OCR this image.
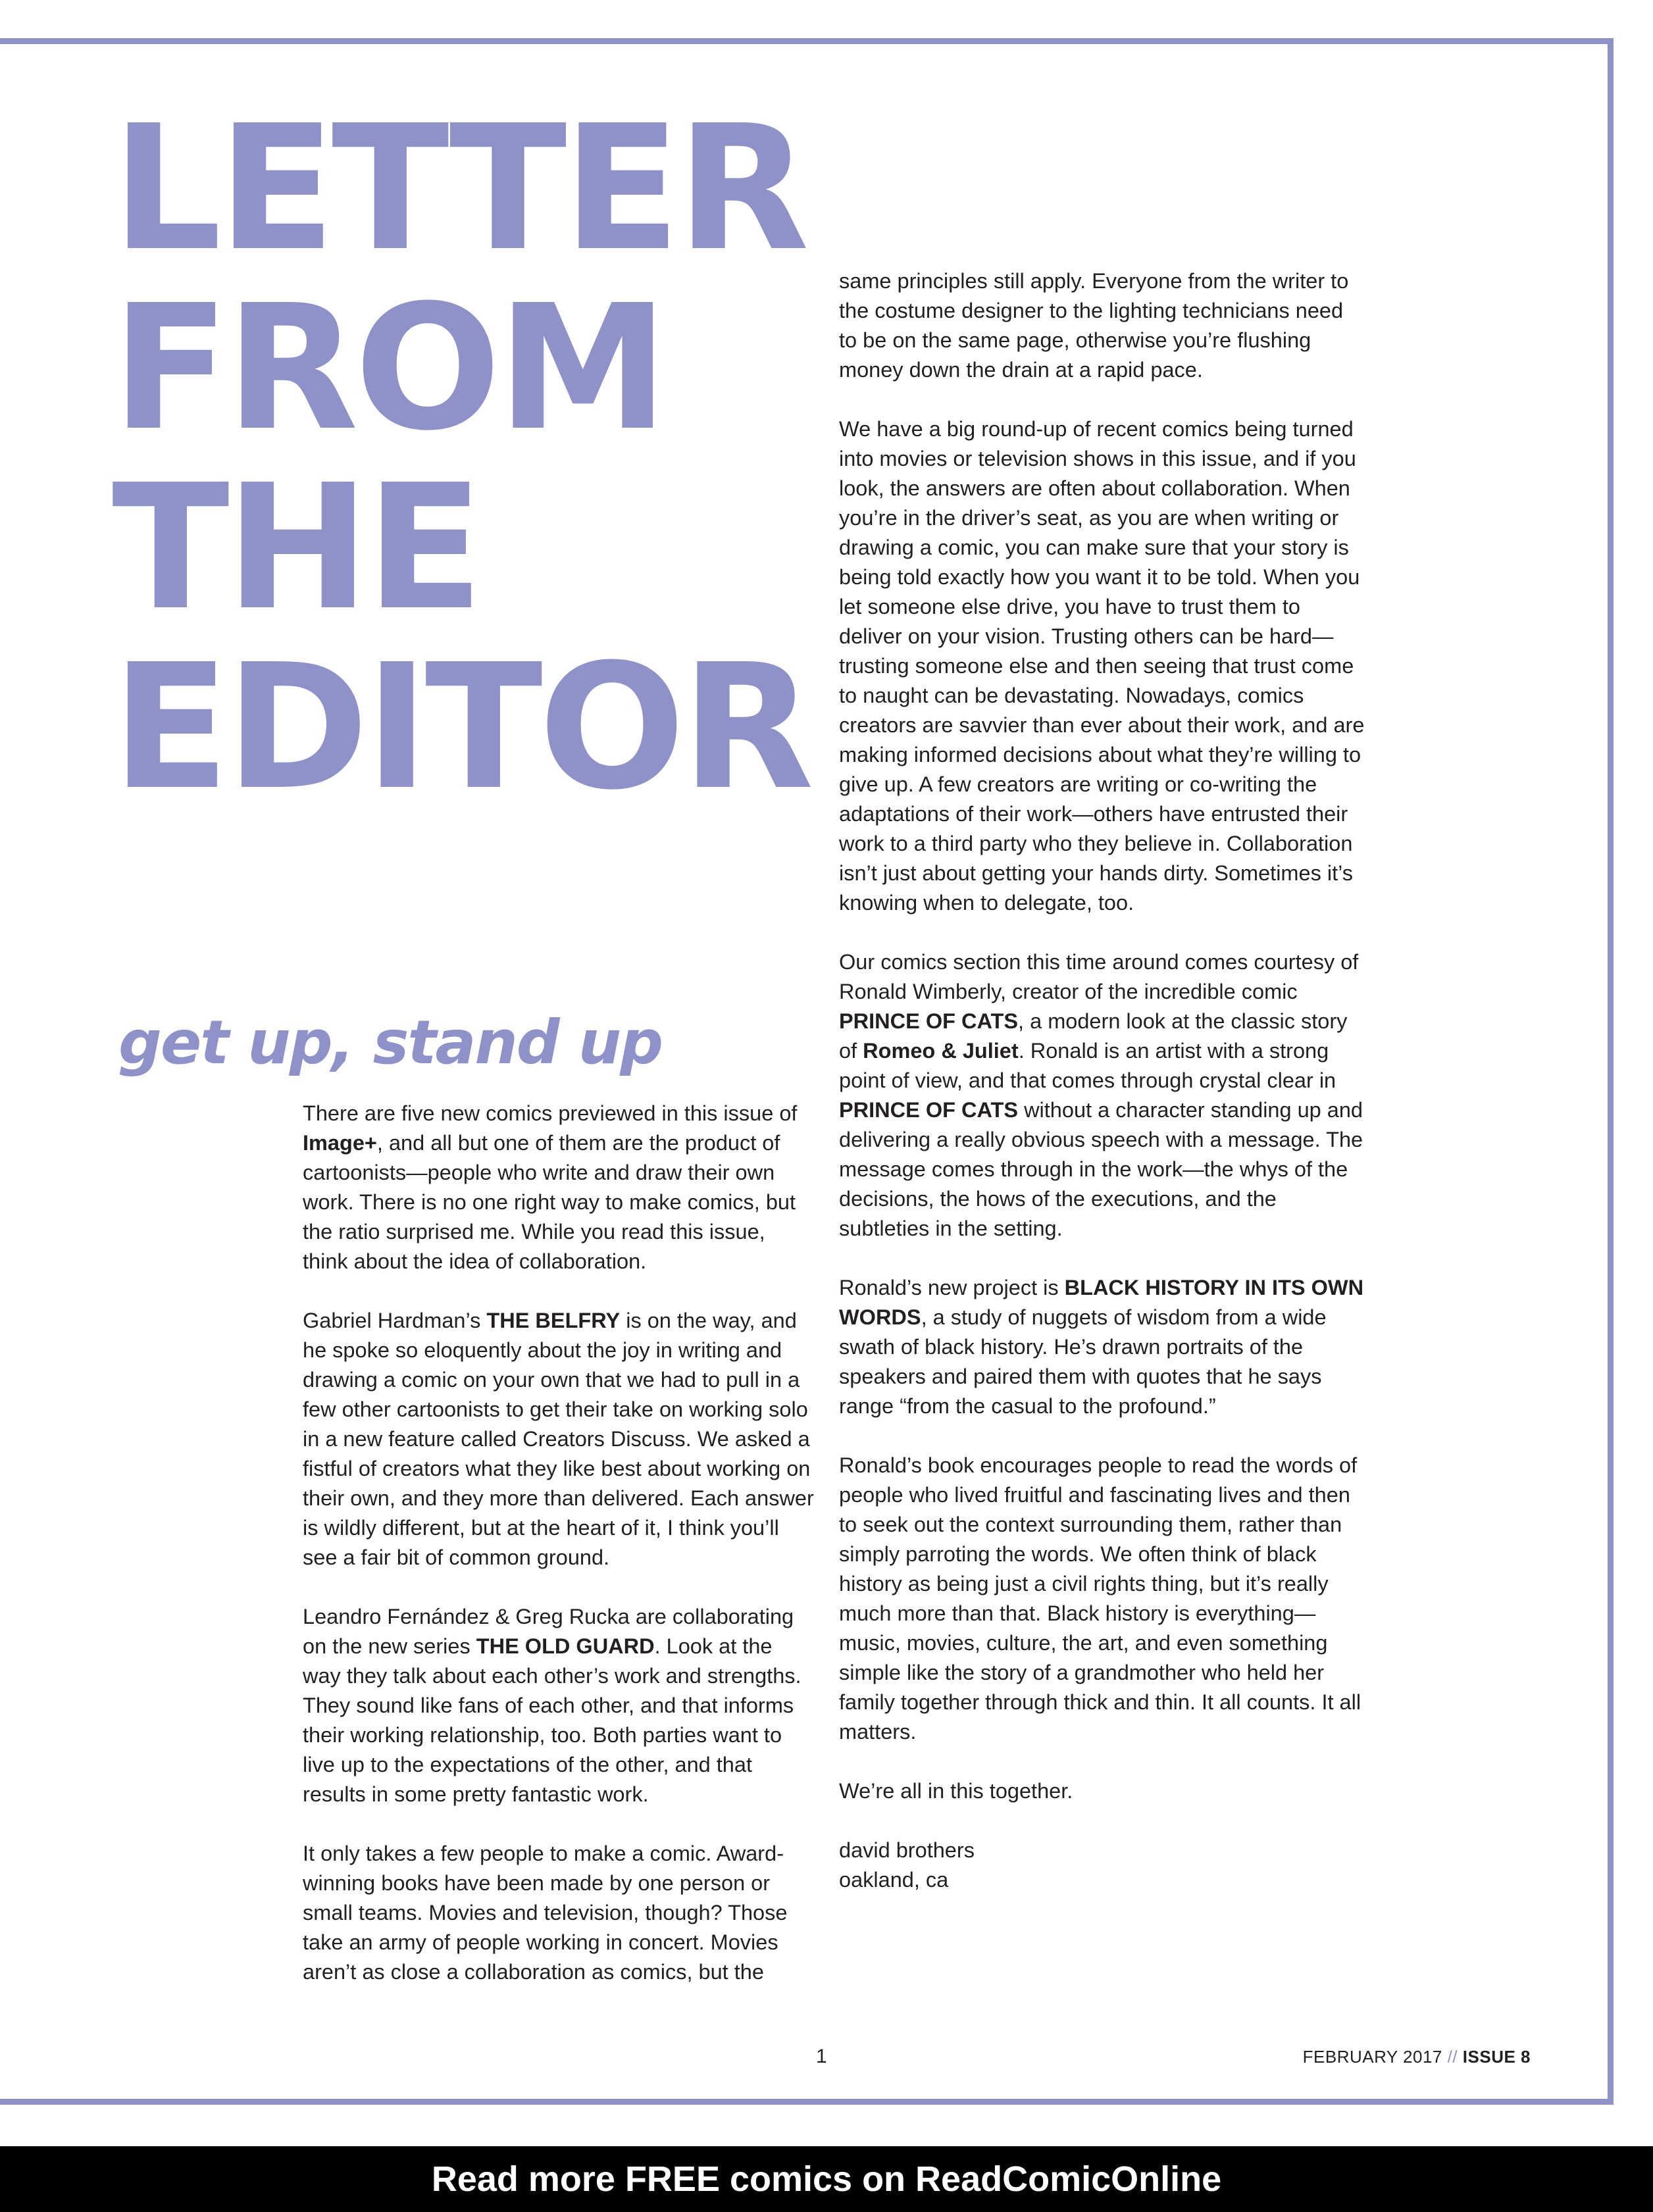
LETTER
FROM
THE
EDITOR
get up, stand up

There are five new comics previewed in this issue of Image+, and all but one of them are the product of cartoonists—people who write and draw their own work. There is no one right way to make comics, but the ratio surprised me. While you read this issue, think about the idea of collaboration.

Gabriel Hardman’s THE BELFRY is on the way, and he spoke so eloquently about the joy in writing and drawing a comic on your own that we had to pull in a few other cartoonists to get their take on working solo in a new feature called Creators Discuss. We asked a fistful of creators what they like best about working on their own, and they more than delivered. Each answer is wildly different, but at the heart of it, I think you’ll see a fair bit of common ground.

Leandro Fernández & Greg Rucka are collaborating on the new series THE OLD GUARD. Look at the way they talk about each other’s work and strengths. They sound like fans of each other, and that informs their working relationship, too. Both parties want to live up to the expectations of the other, and that results in some pretty fantastic work.

It only takes a few people to make a comic. Award-winning books have been made by one person or small teams. Movies and television, though? Those take an army of people working in concert. Movies aren’t as close a collaboration as comics, but the

same principles still apply. Everyone from the writer to the costume designer to the lighting technicians need to be on the same page, otherwise you’re flushing money down the drain at a rapid pace.

We have a big round-up of recent comics being turned into movies or television shows in this issue, and if you look, the answers are often about collaboration. When you’re in the driver’s seat, as you are when writing or drawing a comic, you can make sure that your story is being told exactly how you want it to be told. When you let someone else drive, you have to trust them to deliver on your vision. Trusting others can be hard—trusting someone else and then seeing that trust come to naught can be devastating. Nowadays, comics creators are savvier than ever about their work, and are making informed decisions about what they’re willing to give up. A few creators are writing or co-writing the adaptations of their work—others have entrusted their work to a third party who they believe in. Collaboration isn’t just about getting your hands dirty. Sometimes it’s knowing when to delegate, too.

Our comics section this time around comes courtesy of Ronald Wimberly, creator of the incredible comic PRINCE OF CATS, a modern look at the classic story of Romeo & Juliet. Ronald is an artist with a strong point of view, and that comes through crystal clear in PRINCE OF CATS without a character standing up and delivering a really obvious speech with a message. The message comes through in the work—the whys of the decisions, the hows of the executions, and the subtleties in the setting.

Ronald’s new project is BLACK HISTORY IN ITS OWN WORDS, a study of nuggets of wisdom from a wide swath of black history. He’s drawn portraits of the speakers and paired them with quotes that he says range “from the casual to the profound.”

Ronald’s book encourages people to read the words of people who lived fruitful and fascinating lives and then to seek out the context surrounding them, rather than simply parroting the words. We often think of black history as being just a civil rights thing, but it’s really much more than that. Black history is everything—music, movies, culture, the art, and even something simple like the story of a grandmother who held her family together through thick and thin. It all counts. It all matters.

We’re all in this together.

david brothers

oakland, ca

1	FEBRUARY 2017 // ISSUE 8
Read more FREE comics on ReadComicOnline
